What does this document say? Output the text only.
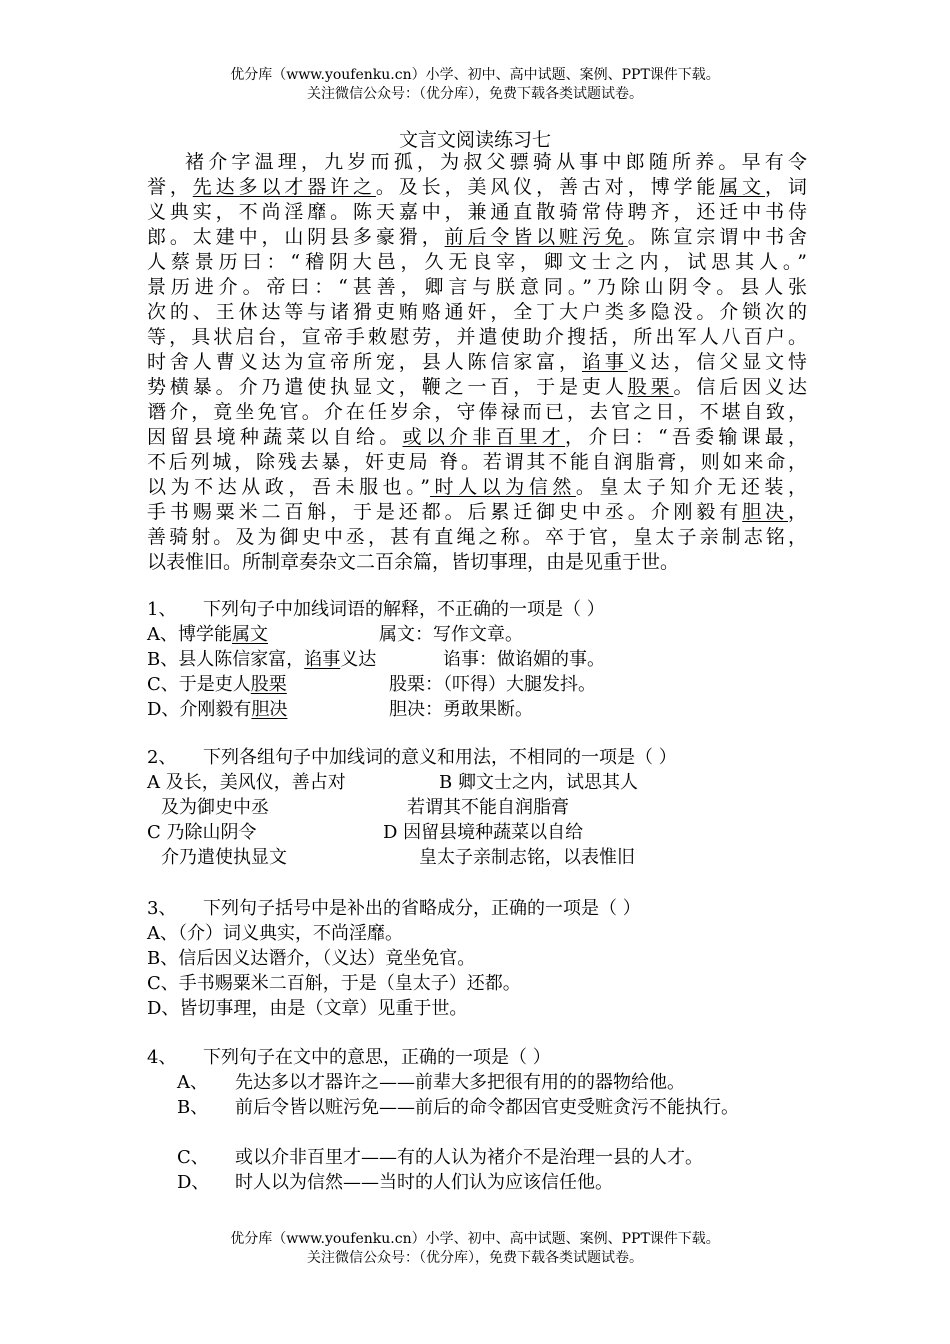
优分库（www.youfenku.cn）小学、初中、高中试题、案例、PPT课件下载。
关注微信公众号：（优分库），免费下载各类试题试卷。
文言文阅读练习七
褚介字温理，九岁而孤，为叔父骠骑从事中郎随所养。早有令
誉，先达多以才器许之。及长，美风仪，善古对，博学能属文，词
义典实，不尚淫靡。陈天嘉中，兼通直散骑常侍聘齐，还迁中书侍
郎。太建中，山阴县多豪猾，前后令皆以赃污免。陈宣宗谓中书舍
人蔡景历曰：“稽阴大邑，久无良宰，卿文士之内，试思其人。”
景历进介。帝曰：“甚善，卿言与朕意同。”乃除山阴令。县人张
次的、王休达等与诸猾吏贿赂通奸，全丁大户类多隐没。介锁次的
等，具状启台，宣帝手敕慰劳，并遣使助介搜括，所出军人八百户。
时舍人曹义达为宣帝所宠，县人陈信家富，谄事义达，信父显文恃
势横暴。介乃遣使执显文，鞭之一百，于是吏人股栗。信后因义达
谮介，竟坐免官。介在任岁余，守俸禄而已，去官之日，不堪自致，
因留县境种蔬菜以自给。或以介非百里才，介曰：“吾委输课最，
不后列城，除残去暴，奸吏局 脊。若谓其不能自润脂膏，则如来命，
以为不达从政，吾未服也。”时人以为信然。皇太子知介无还装，
手书赐粟米二百斛，于是还都。后累迁御史中丞。介刚毅有胆决，
善骑射。及为御史中丞，甚有直绳之称。卒于官，皇太子亲制志铭，
以表惟旧。所制章奏杂文二百余篇，皆切事理，由是见重于世。
1、 下列句子中加线词语的解释，不正确的一项是（ ）
A、博学能属文	属文：写作文章。
B、县人陈信家富，谄事义达	谄事：做谄媚的事。
C、于是吏人股栗	股栗：（吓得）大腿发抖。
D、介刚毅有胆决	胆决：勇敢果断。
2、 下列各组句子中加线词的意义和用法，不相同的一项是（ ）
A 及长，美风仪，善占对	B 卿文士之内，试思其人
及为御史中丞	若谓其不能自润脂膏
C 乃除山阴令	D 因留县境种蔬菜以自给
介乃遣使执显文	皇太子亲制志铭，以表惟旧
3、 下列句子括号中是补出的省略成分，正确的一项是（ ）
A、（介）词义典实，不尚淫靡。
B、信后因义达谮介，（义达）竟坐免官。
C、手书赐粟米二百斛，于是（皇太子）还都。
D、皆切事理，由是（文章）见重于世。
4、 下列句子在文中的意思，正确的一项是（ ）
A、 先达多以才器许之——前辈大多把很有用的的器物给他。
B、 前后令皆以赃污免——前后的命令都因官吏受赃贪污不能执行。
C、 或以介非百里才——有的人认为褚介不是治理一县的人才。
D、 时人以为信然——当时的人们认为应该信任他。
优分库（www.youfenku.cn）小学、初中、高中试题、案例、PPT课件下载。
关注微信公众号：（优分库），免费下载各类试题试卷。
